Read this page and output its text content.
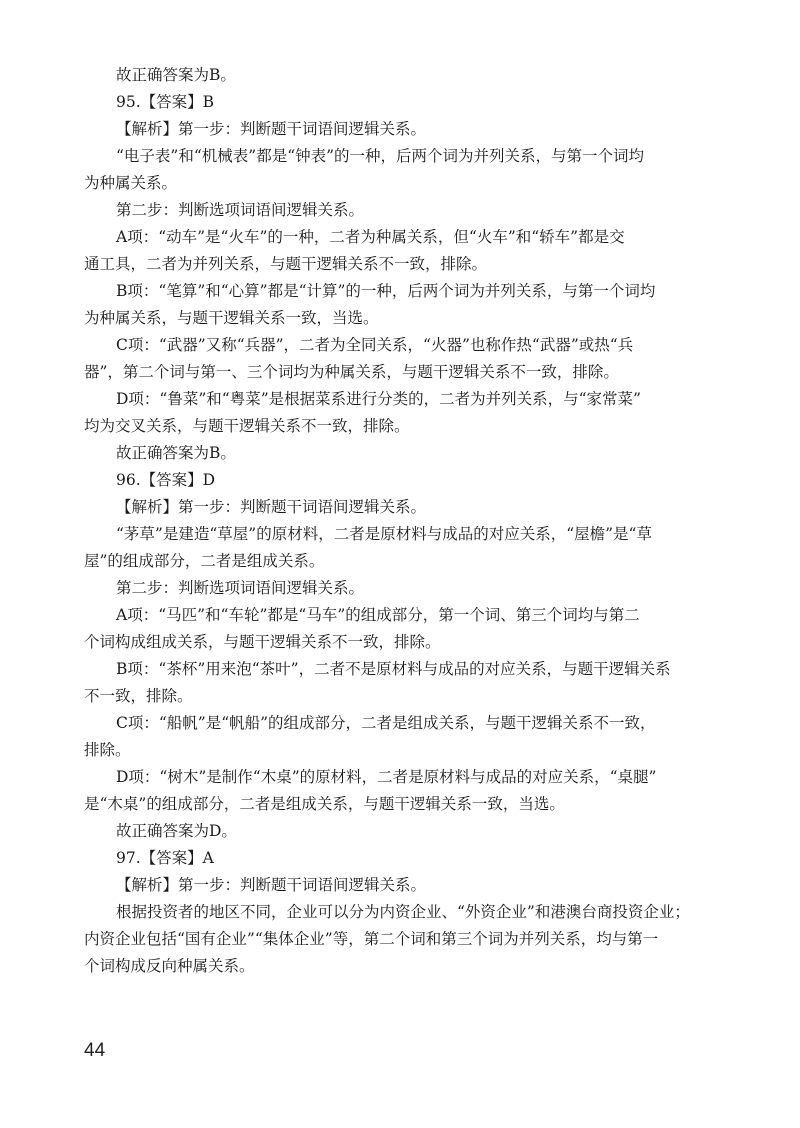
故正确答案为B。

95.【答案】B

【解析】第一步：判断题干词语间逻辑关系。

“电子表”和“机械表”都是“钟表”的一种，后两个词为并列关系，与第一个词均

为种属关系。

第二步：判断选项词语间逻辑关系。

A项：“动车”是“火车”的一种，二者为种属关系，但“火车”和“轿车”都是交

通工具，二者为并列关系，与题干逻辑关系不一致，排除。

B项：“笔算”和“心算”都是“计算”的一种，后两个词为并列关系，与第一个词均

为种属关系，与题干逻辑关系一致，当选。

C项：“武器”又称“兵器”，二者为全同关系，“火器”也称作热“武器”或热“兵

器”，第二个词与第一、三个词均为种属关系，与题干逻辑关系不一致，排除。

D项：“鲁菜”和“粤菜”是根据菜系进行分类的，二者为并列关系，与“家常菜”

均为交叉关系，与题干逻辑关系不一致，排除。

故正确答案为B。

96.【答案】D

【解析】第一步：判断题干词语间逻辑关系。

“茅草”是建造“草屋”的原材料，二者是原材料与成品的对应关系，“屋檐”是“草

屋”的组成部分，二者是组成关系。

第二步：判断选项词语间逻辑关系。

A项：“马匹”和“车轮”都是“马车”的组成部分，第一个词、第三个词均与第二

个词构成组成关系，与题干逻辑关系不一致，排除。

B项：“茶杯”用来泡“茶叶”，二者不是原材料与成品的对应关系，与题干逻辑关系

不一致，排除。

C项：“船帆”是“帆船”的组成部分，二者是组成关系，与题干逻辑关系不一致，

排除。

D项：“树木”是制作“木桌”的原材料，二者是原材料与成品的对应关系，“桌腿”

是“木桌”的组成部分，二者是组成关系，与题干逻辑关系一致，当选。

故正确答案为D。

97.【答案】A

【解析】第一步：判断题干词语间逻辑关系。

根据投资者的地区不同，企业可以分为内资企业、“外资企业”和港澳台商投资企业；

内资企业包括“国有企业”“集体企业”等，第二个词和第三个词为并列关系，均与第一

个词构成反向种属关系。

44
